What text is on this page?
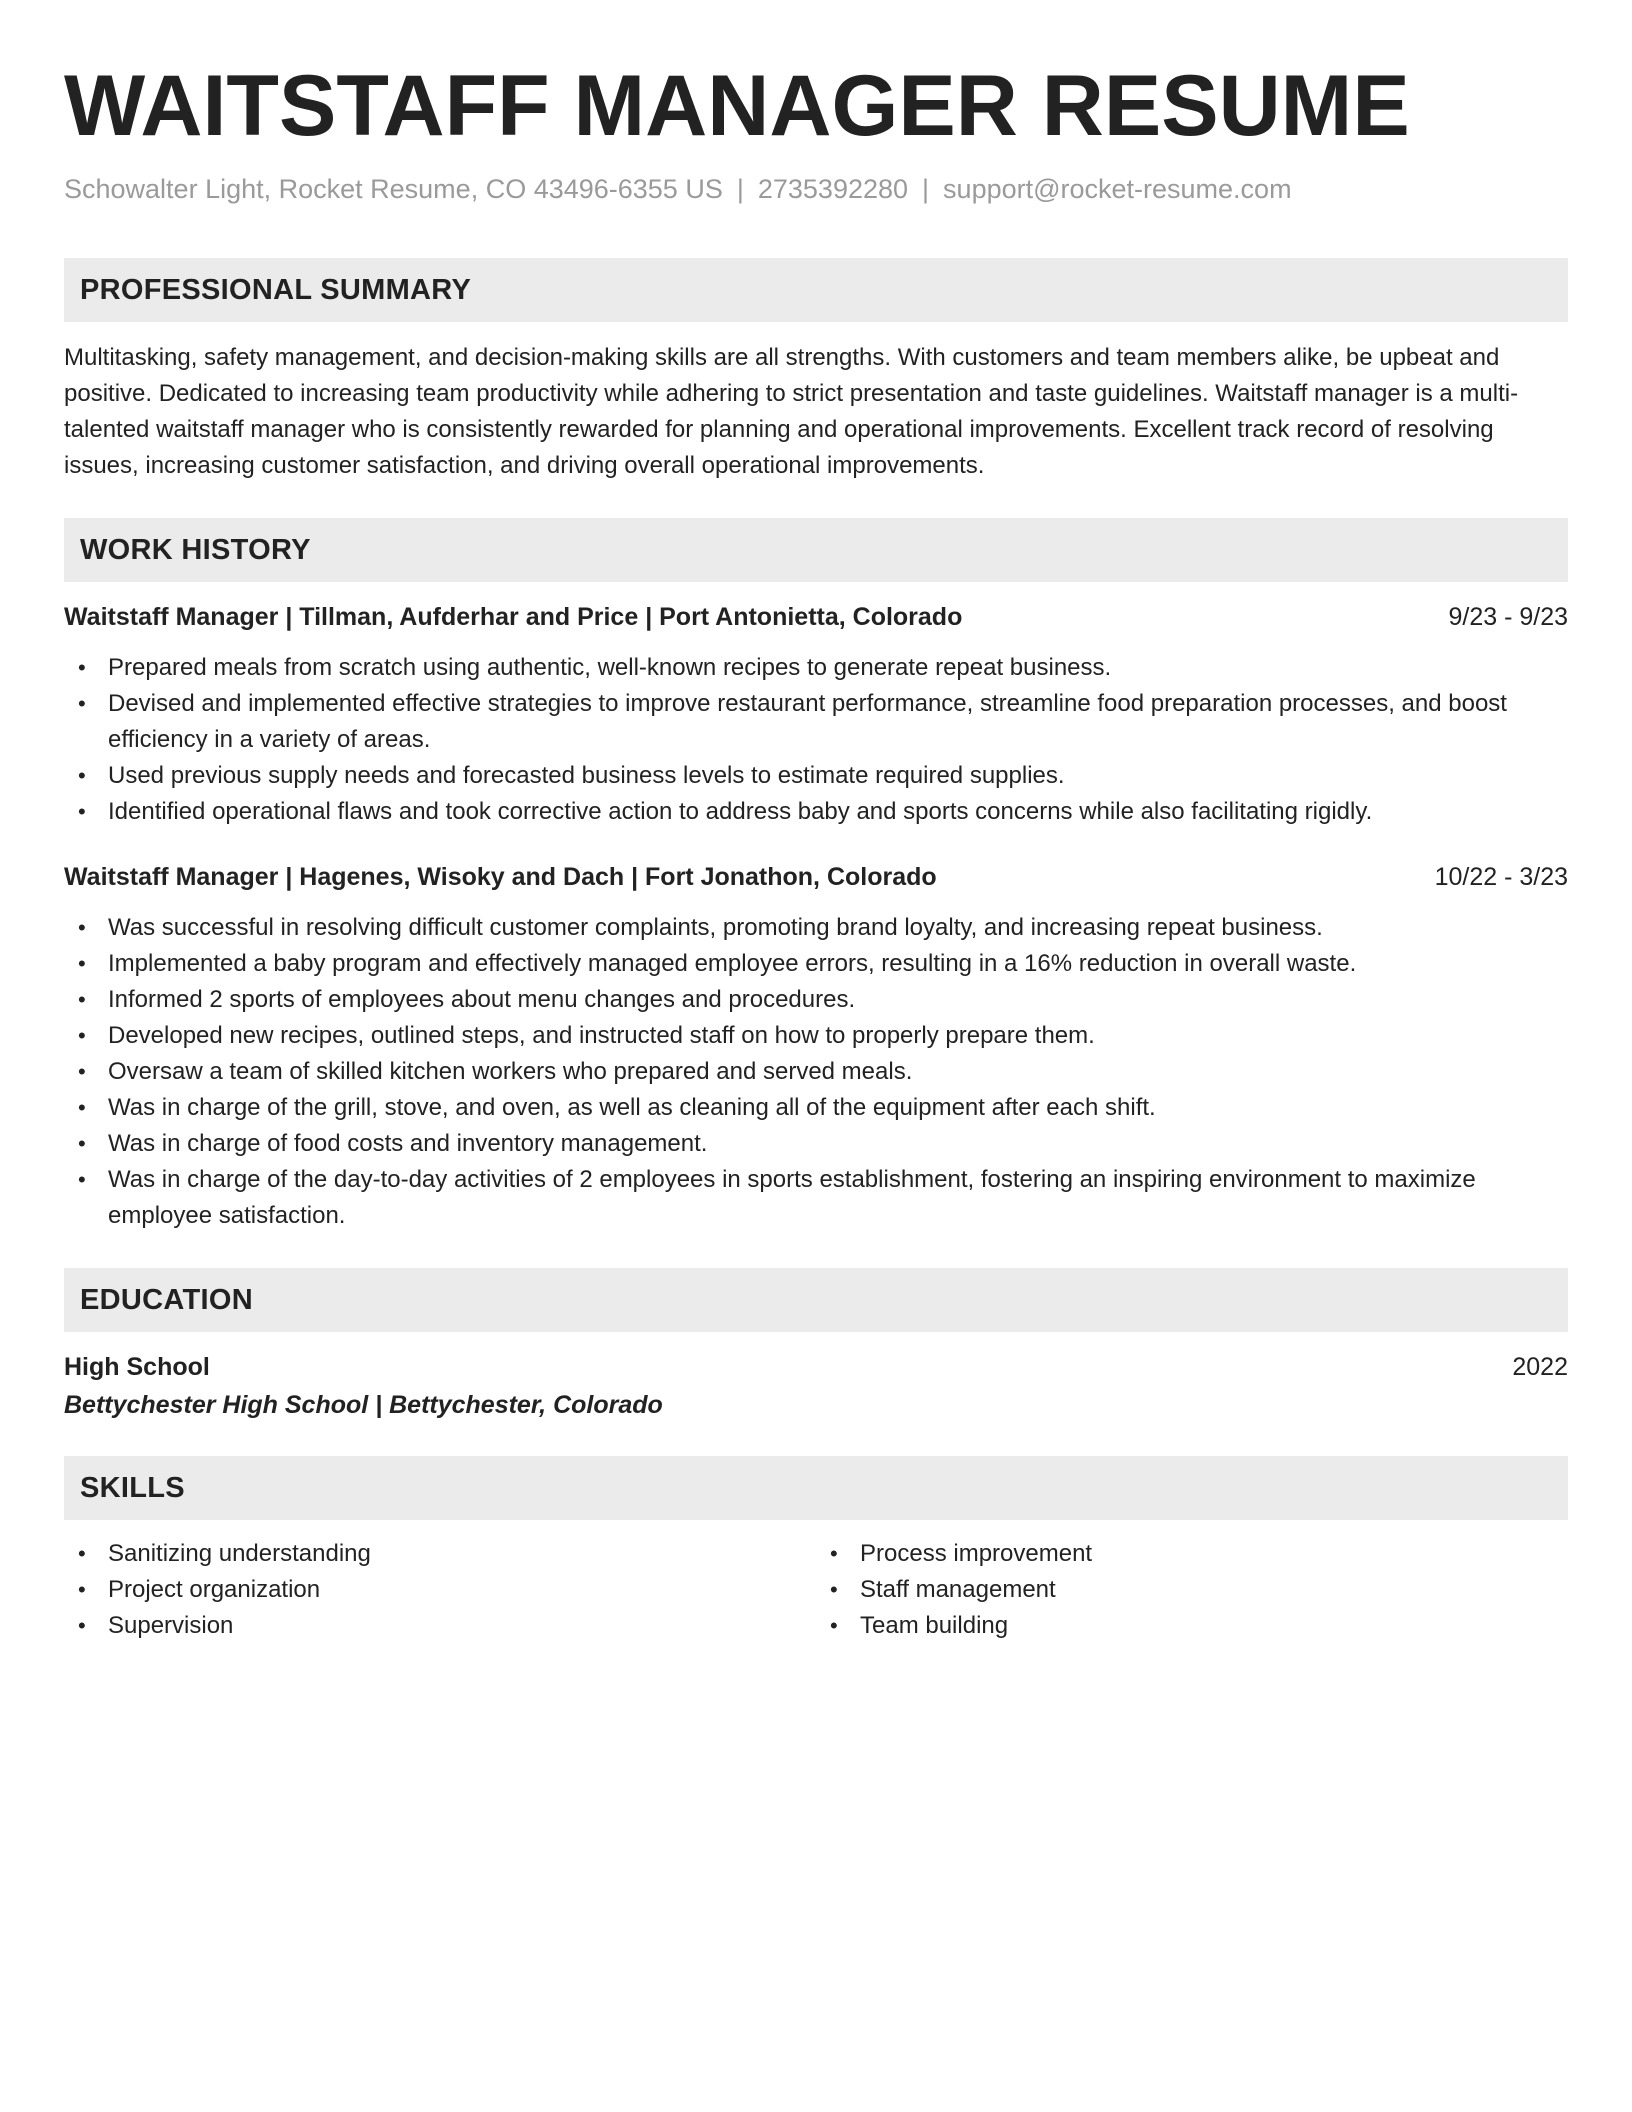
WAITSTAFF MANAGER RESUME
Schowalter Light, Rocket Resume, CO 43496-6355 US | 2735392280 | support@rocket-resume.com
PROFESSIONAL SUMMARY

Multitasking, safety management, and decision-making skills are all strengths. With customers and team members alike, be upbeat and positive. Dedicated to increasing team productivity while adhering to strict presentation and taste guidelines. Waitstaff manager is a multi-talented waitstaff manager who is consistently rewarded for planning and operational improvements. Excellent track record of resolving issues, increasing customer satisfaction, and driving overall operational improvements.

WORK HISTORY
Waitstaff Manager | Tillman, Aufderhar and Price | Port Antonietta, Colorado	9/23 - 9/23
• Prepared meals from scratch using authentic, well-known recipes to generate repeat business.
• Devised and implemented effective strategies to improve restaurant performance, streamline food preparation processes, and boost efficiency in a variety of areas.
• Used previous supply needs and forecasted business levels to estimate required supplies.
• Identified operational flaws and took corrective action to address baby and sports concerns while also facilitating rigidly.
Waitstaff Manager | Hagenes, Wisoky and Dach | Fort Jonathon, Colorado	10/22 - 3/23
• Was successful in resolving difficult customer complaints, promoting brand loyalty, and increasing repeat business.
• Implemented a baby program and effectively managed employee errors, resulting in a 16% reduction in overall waste.
• Informed 2 sports of employees about menu changes and procedures.
• Developed new recipes, outlined steps, and instructed staff on how to properly prepare them.
• Oversaw a team of skilled kitchen workers who prepared and served meals.
• Was in charge of the grill, stove, and oven, as well as cleaning all of the equipment after each shift.
• Was in charge of food costs and inventory management.
• Was in charge of the day-to-day activities of 2 employees in sports establishment, fostering an inspiring environment to maximize employee satisfaction.
EDUCATION
High School	2022
Bettychester High School | Bettychester, Colorado
SKILLS
• Sanitizing understanding
• Project organization
• Supervision
• Process improvement
• Staff management
• Team building
